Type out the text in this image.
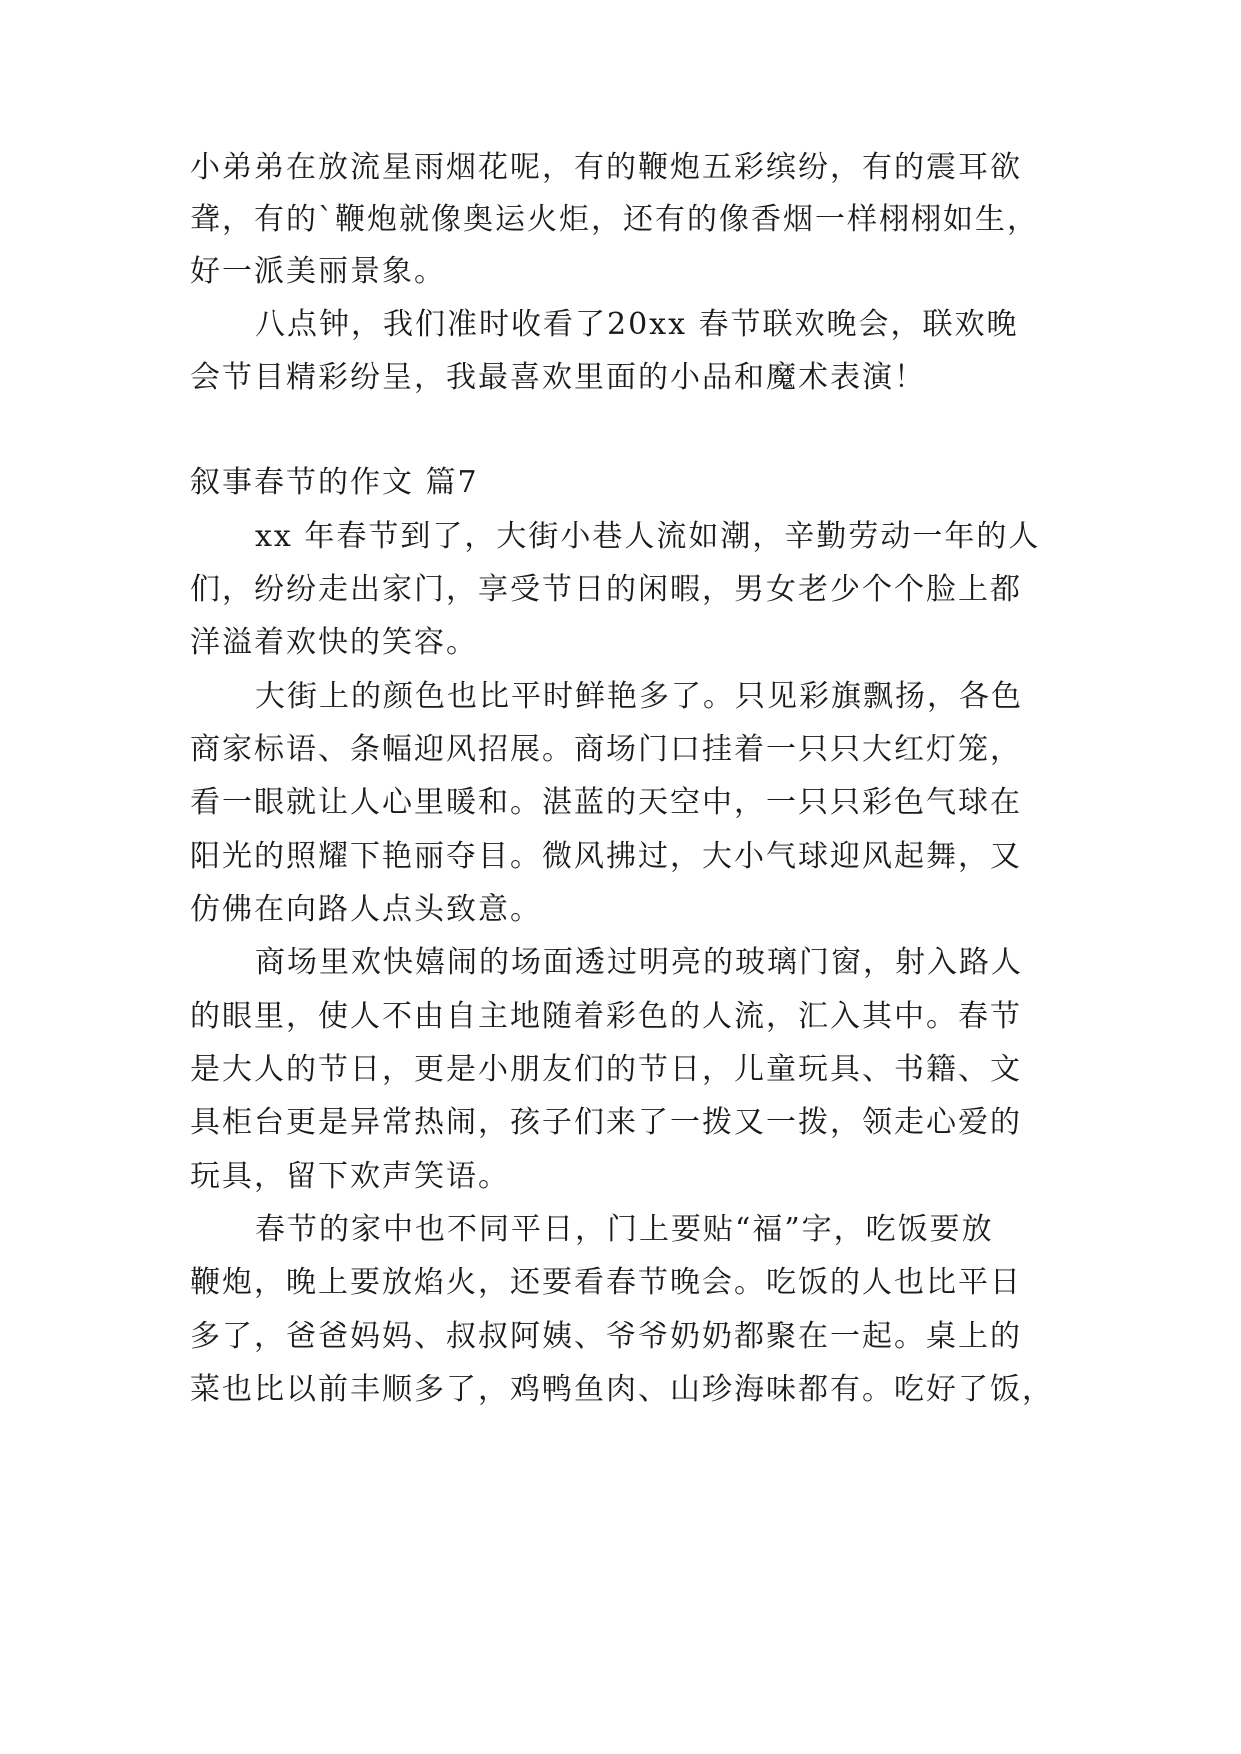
小弟弟在放流星雨烟花呢，有的鞭炮五彩缤纷，有的震耳欲
聋，有的`鞭炮就像奥运火炬，还有的像香烟一样栩栩如生，
好一派美丽景象。
八点钟，我们准时收看了20xx 春节联欢晚会，联欢晚
会节目精彩纷呈，我最喜欢里面的小品和魔术表演！
叙事春节的作文 篇7
xx 年春节到了，大街小巷人流如潮，辛勤劳动一年的人
们，纷纷走出家门，享受节日的闲暇，男女老少个个脸上都
洋溢着欢快的笑容。
大街上的颜色也比平时鲜艳多了。只见彩旗飘扬，各色
商家标语、条幅迎风招展。商场门口挂着一只只大红灯笼，
看一眼就让人心里暖和。湛蓝的天空中，一只只彩色气球在
阳光的照耀下艳丽夺目。微风拂过，大小气球迎风起舞，又
仿佛在向路人点头致意。
商场里欢快嬉闹的场面透过明亮的玻璃门窗，射入路人
的眼里，使人不由自主地随着彩色的人流，汇入其中。春节
是大人的节日，更是小朋友们的节日，儿童玩具、书籍、文
具柜台更是异常热闹，孩子们来了一拨又一拨，领走心爱的
玩具，留下欢声笑语。
春节的家中也不同平日，门上要贴“福”字，吃饭要放
鞭炮，晚上要放焰火，还要看春节晚会。吃饭的人也比平日
多了，爸爸妈妈、叔叔阿姨、爷爷奶奶都聚在一起。桌上的
菜也比以前丰顺多了，鸡鸭鱼肉、山珍海味都有。吃好了饭，
